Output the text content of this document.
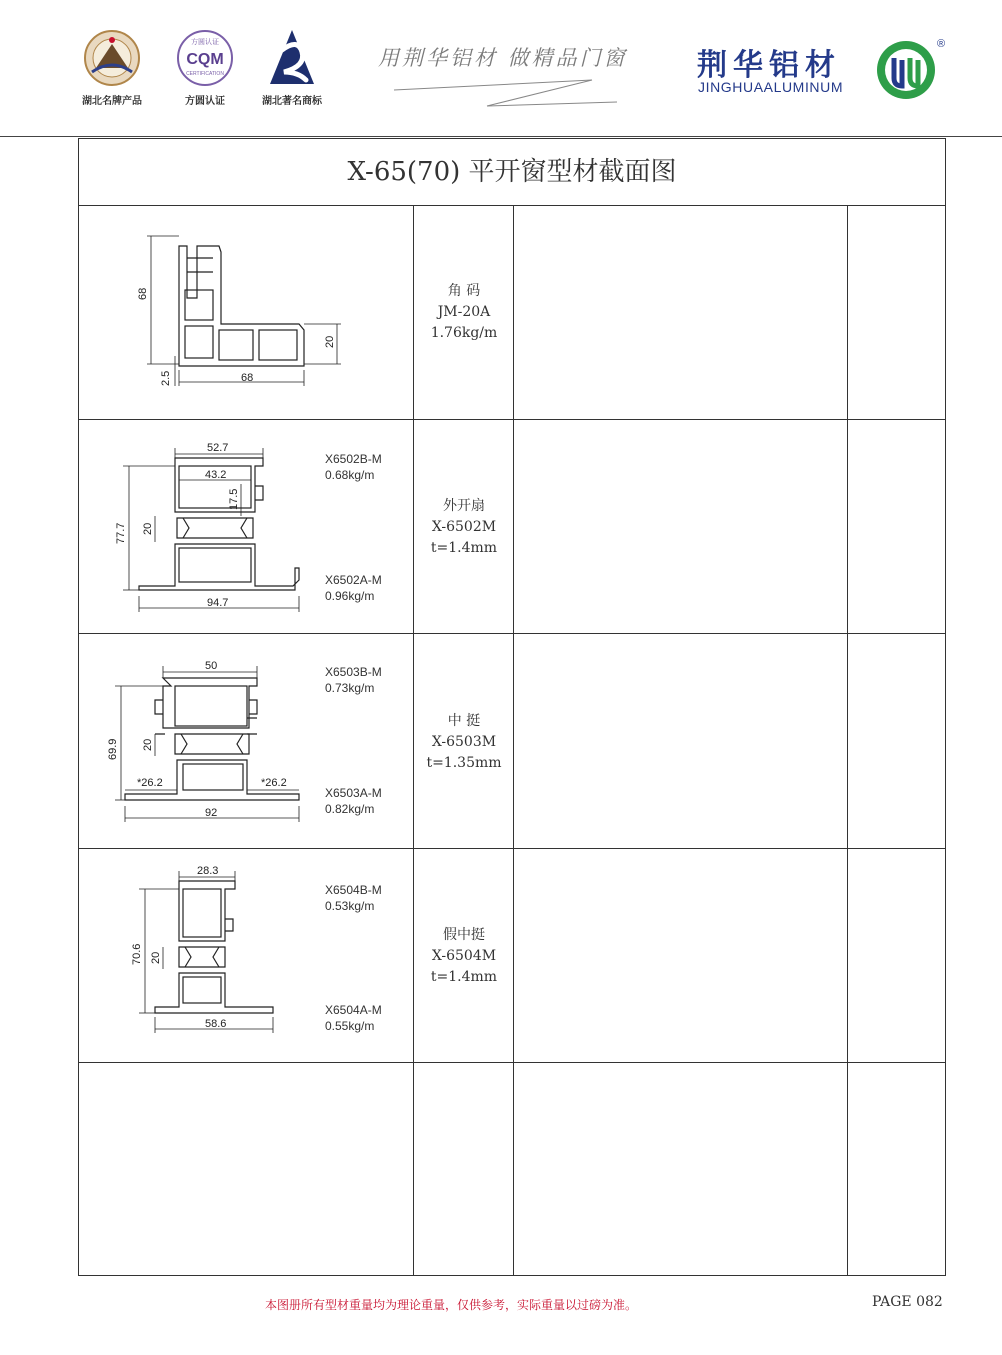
湖北名牌产品
方圆认证
CQM
CERTIFICATION
方圆认证	湖北著名商标
用荆华铝材 做精品门窗 荆华铝材
JINGHUAALUMINUM
®
X-65(70) 平开窗型材截面图
68
20
68
2.5
角 码
JM-20A
1.76kg/m
52.7
43.2
17.5
77.7 20
94.7
X6502B-M
0.68kg/m
X6502A-M
0.96kg/m
外开扇
X-6502M
t=1.4mm
50
69.9 20
*26.2	*26.2
92
X6503B-M
0.73kg/m
X6503A-M
0.82kg/m
中 挺
X-6503M
t=1.35mm
28.3
70.6 20
58.6
X6504B-M
0.53kg/m
X6504A-M
0.55kg/m
假中挺
X-6504M
t=1.4mm
本图册所有型材重量均为理论重量，仅供参考，实际重量以过磅为准。	PAGE 082
